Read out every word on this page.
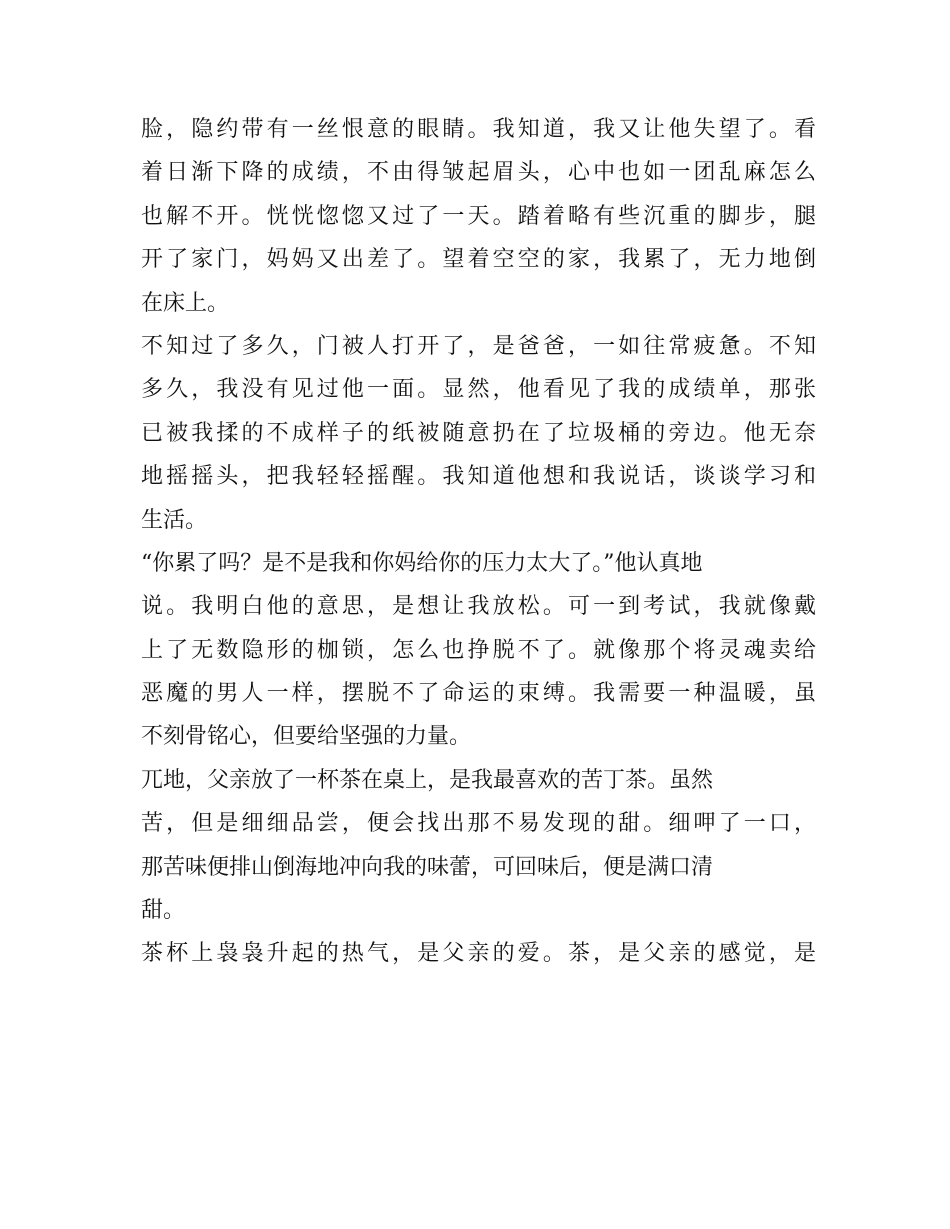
脸，隐约带有一丝恨意的眼睛。我知道，我又让他失望了。看
着日渐下降的成绩，不由得皱起眉头，心中也如一团乱麻怎么
也解不开。恍恍惚惚又过了一天。踏着略有些沉重的脚步，腿
开了家门，妈妈又出差了。望着空空的家，我累了，无力地倒
在床上。
不知过了多久，门被人打开了，是爸爸，一如往常疲惫。不知
多久，我没有见过他一面。显然，他看见了我的成绩单，那张
已被我揉的不成样子的纸被随意扔在了垃圾桶的旁边。他无奈
地摇摇头，把我轻轻摇醒。我知道他想和我说话，谈谈学习和
生活。
“你累了吗？是不是我和你妈给你的压力太大了。”他认真地
说。我明白他的意思，是想让我放松。可一到考试，我就像戴
上了无数隐形的枷锁，怎么也挣脱不了。就像那个将灵魂卖给
恶魔的男人一样，摆脱不了命运的束缚。我需要一种温暖，虽
不刻骨铭心，但要给坚强的力量。
兀地，父亲放了一杯茶在桌上，是我最喜欢的苦丁茶。虽然
苦，但是细细品尝，便会找出那不易发现的甜。细呷了一口，
那苦味便排山倒海地冲向我的味蕾，可回味后，便是满口清
甜。
茶杯上袅袅升起的热气，是父亲的爱。茶，是父亲的感觉，是
